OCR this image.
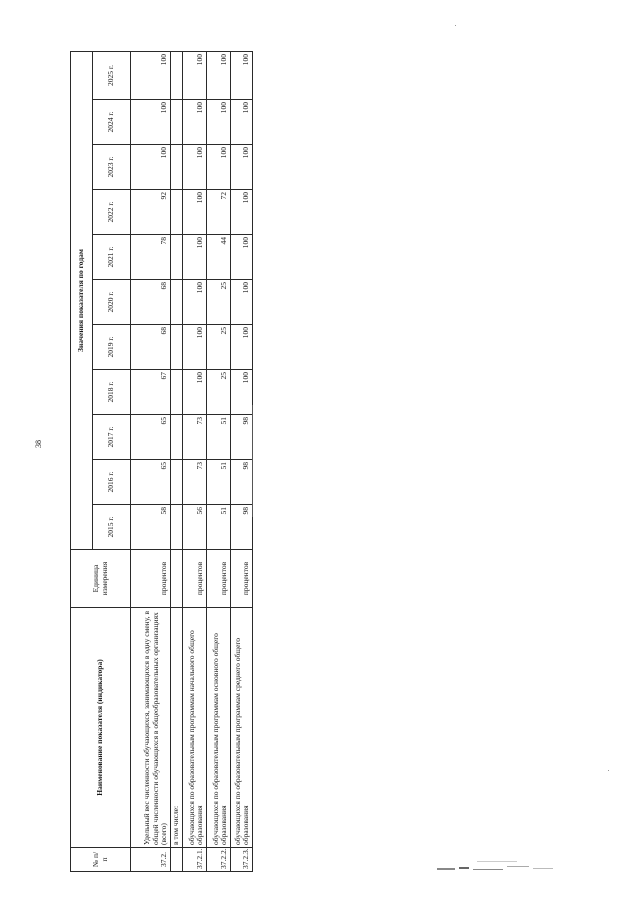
38
№ п/п	Наименование показателя (индикатора)	Единица измерения	Значения показателя по годам										
			2015 г.	2016 г.	2017 г.	2018 г.	2019 г.	2020 г.	2021 г.	2022 г.	2023 г.	2024 г.	2025 г.
37.2.	Удельный вес численности обучающихся, занимающихся в одну смену, в общей численности обучающихся в общеобразовательных организациях (всего)	процентов	58	65	65	67	68	68	78	92	100	100	100
	в том числе:												
37.2.1.	обучающихся по образовательным программам начального общего образования	процентов	56	73	73	100	100	100	100	100	100	100	100
37.2.2.	обучающихся по образовательным программам основного общего образования	процентов	51	51	51	25	25	25	44	72	100	100	100
37.2.3.	обучающихся по образовательным программам среднего общего образования	процентов	98	98	98	100	100	100	100	100	100	100	100
